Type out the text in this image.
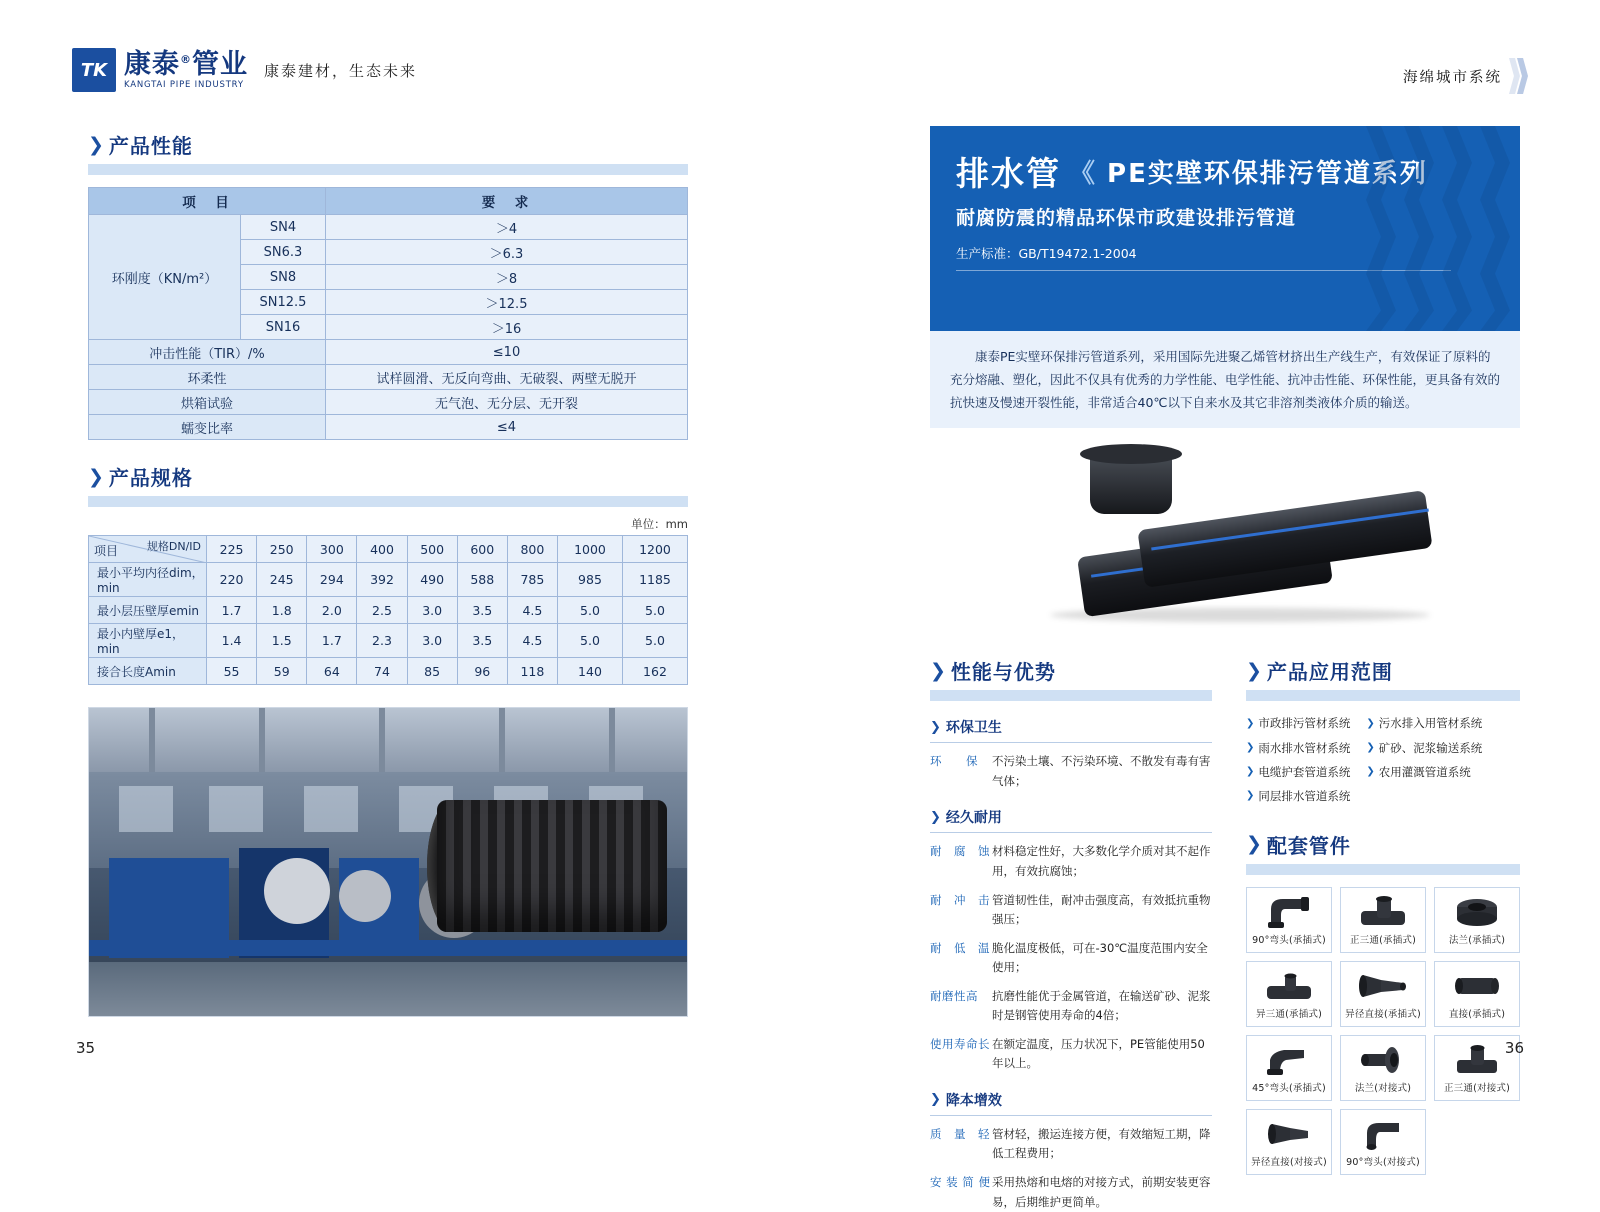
TK 康泰®管业
KANGTAI PIPE INDUSTRY
康泰建材，生态未来	海绵城市系统
❯ 产品性能
项　目		要　求
环刚度（KN/m²）	SN4	＞4
	SN6.3	＞6.3
	SN8	＞8
	SN12.5	＞12.5
	SN16	＞16
冲击性能（TIR）/%		≤10
环柔性		试样圆滑、无反向弯曲、无破裂、两壁无脱开
烘箱试验		无气泡、无分层、无开裂
蠕变比率		≤4
❯ 产品规格
单位：mm
规格DN/ID
项目	225	250	300	400	500	600	800	1000	1200
最小平均内径dim，min	220	245	294	392	490	588	785	985	1185
最小层压壁厚emin	1.7	1.8	2.0	2.5	3.0	3.5	4.5	5.0	5.0
最小内壁厚e1，min	1.4	1.5	1.7	2.3	3.0	3.5	4.5	5.0	5.0
接合长度Amin	55	59	64	74	85	96	118	140	162
排水管 《 PE实壁环保排污管道系列
耐腐防震的精品环保市政建设排污管道
生产标准：GB/T19472.1-2004
康泰PE实壁环保排污管道系列，采用国际先进聚乙烯管材挤出生产线生产，有效保证了原料的充分熔融、塑化，因此不仅具有优秀的力学性能、电学性能、抗冲击性能、环保性能，更具备有效的抗快速及慢速开裂性能，非常适合40℃以下自来水及其它非溶剂类液体介质的输送。
❯ 性能与优势
❯ 环保卫生
环　　保	不污染土壤、不污染环境、不散发有毒有害气体；
❯ 经久耐用
耐　腐　蚀 材料稳定性好，大多数化学介质对其不起作用，有效抗腐蚀；
耐　冲　击 管道韧性佳，耐冲击强度高，有效抵抗重物强压；
耐　低　温 脆化温度极低，可在-30℃温度范围内安全使用；
耐磨性高	抗磨性能优于金属管道，在输送矿砂、泥浆时是钢管使用寿命的4倍；
使用寿命长 在额定温度，压力状况下，PE管能使用50年以上。
❯ 降本增效
质　量　轻 管材轻，搬运连接方便，有效缩短工期，降低工程费用；
安 装 简 便 采用热熔和电熔的对接方式，前期安装更容易，后期维护更简单。
❯ 产品应用范围
❯ 市政排污管材系统
❯ 雨水排水管材系统
❯ 电缆护套管道系统
❯ 同层排水管道系统
❯ 污水排入用管材系统
❯ 矿砂、泥浆输送系统
❯ 农用灌溉管道系统
❯ 配套管件
90°弯头(承插式)	正三通(承插式)	法兰(承插式)
异三通(承插式)	异径直接(承插式)	直接(承插式)
45°弯头(承插式)	法兰(对接式)	正三通(对接式)
异径直接(对接式)	90°弯头(对接式)
35	36
